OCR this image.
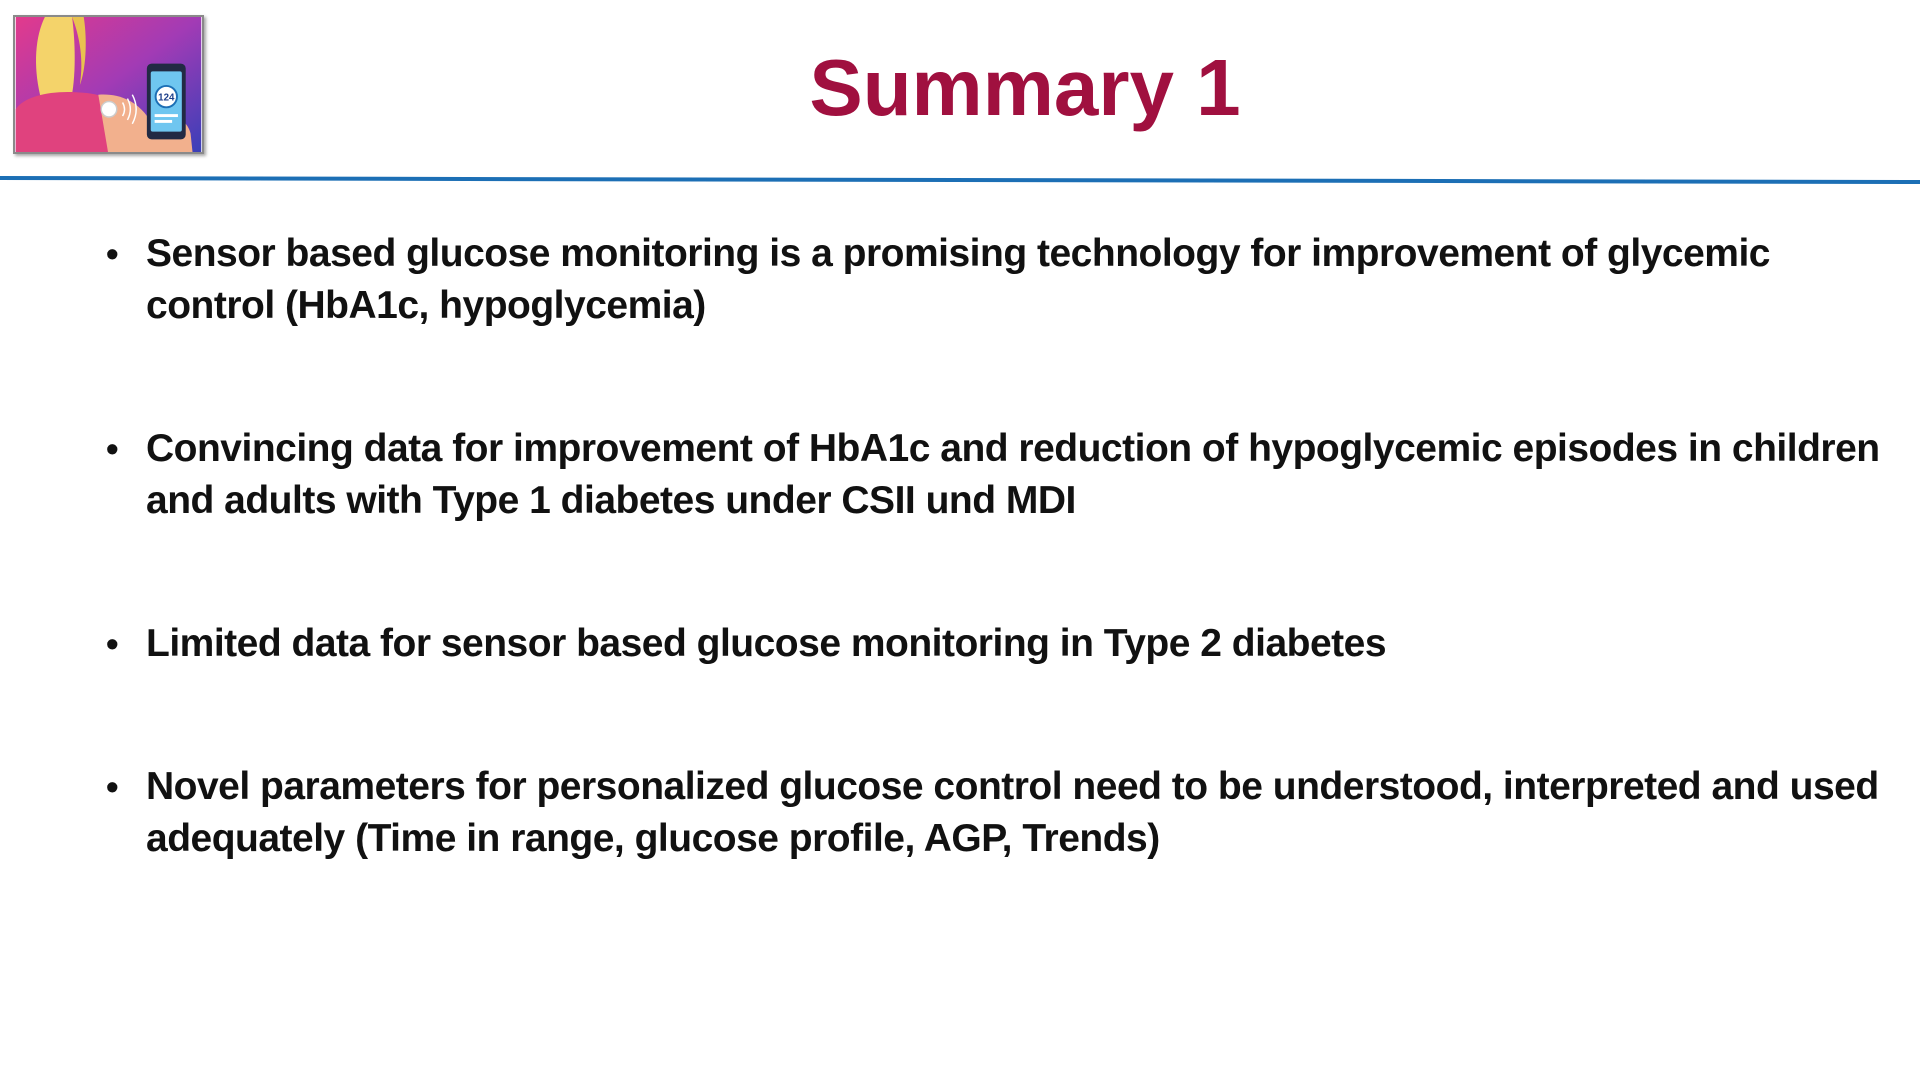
124	Summary 1
• Sensor based glucose monitoring is a promising technology for improvement of glycemic control (HbA1c, hypoglycemia)
• Convincing data for improvement of HbA1c and reduction of hypoglycemic episodes in children and adults with Type 1 diabetes under CSII und MDI
• Limited data for sensor based glucose monitoring in Type 2 diabetes
• Novel parameters for personalized glucose control need to be understood, interpreted and used adequately (Time in range, glucose profile, AGP, Trends)
